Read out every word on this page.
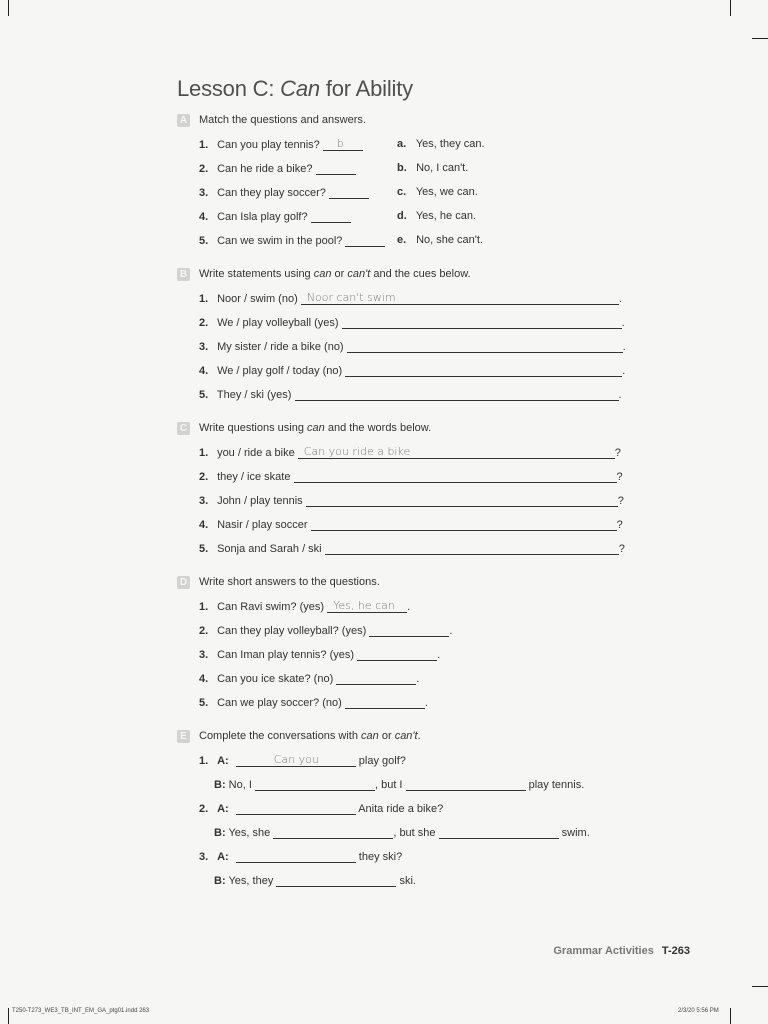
Lesson C: Can for Ability
A Match the questions and answers.
1. Can you play tennis? b
2. Can he ride a bike?
3. Can they play soccer?
4. Can Isla play golf?
5. Can we swim in the pool?
a. Yes, they can.
b. No, I can't.
c. Yes, we can.
d. Yes, he can.
e. No, she can't.
B Write statements using can or can't and the cues below.
1. Noor / swim (no) Noor can't swim	.
2. We / play volleyball (yes)	.
3. My sister / ride a bike (no)	.
4. We / play golf / today (no)	.
5. They / ski (yes)	.
C Write questions using can and the words below.
1. you / ride a bike Can you ride a bike	?
2. they / ice skate	?
3. John / play tennis	?
4. Nasir / play soccer	?
5. Sonja and Sarah / ski	?
D Write short answers to the questions.
1. Can Ravi swim? (yes) Yes, he can .
2. Can they play volleyball? (yes)	.
3. Can Iman play tennis? (yes)	.
4. Can you ice skate? (no)	.
5. Can we play soccer? (no)	.
E Complete the conversations with can or can't.
1. A:	Can you	play golf?
B: No, I	, but I	play tennis.
2. A:	Anita ride a bike?
B: Yes, she	, but she	swim.
3. A:	they ski?
B: Yes, they	ski.
Grammar Activities T-263
T250-T273_WE3_TB_INT_EM_GA_ptg01.indd 263	2/3/20 5:56 PM
